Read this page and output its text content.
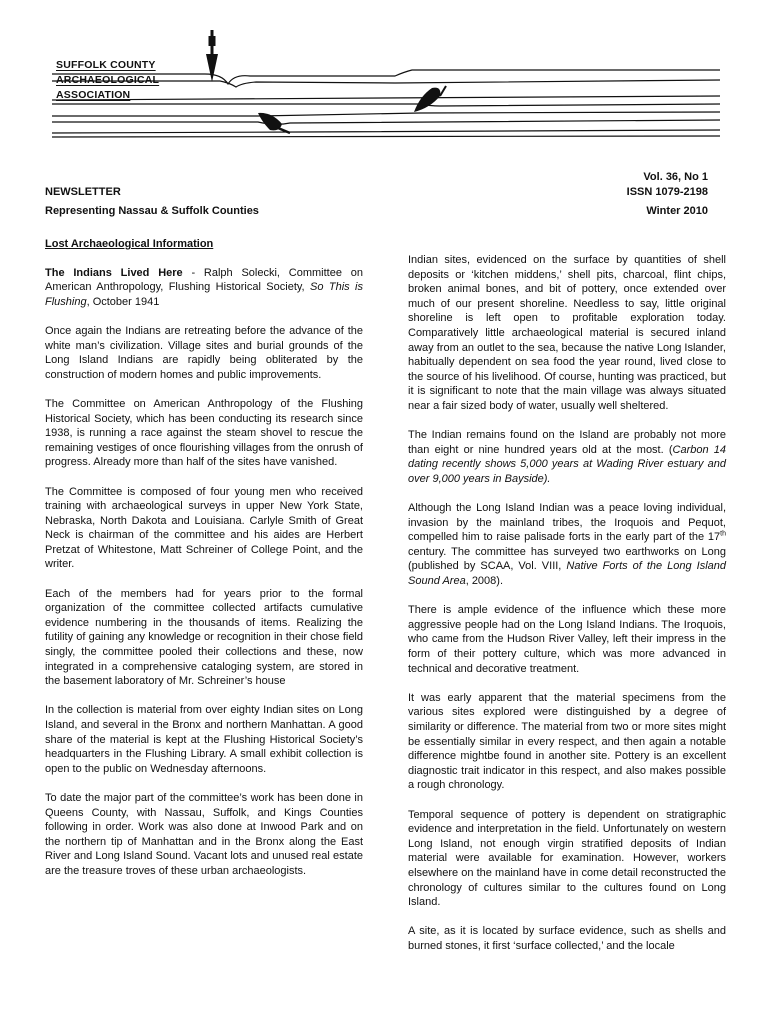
SUFFOLK COUNTY
ARCHAEOLOGICAL
ASSOCIATION
NEWSLETTER
Representing Nassau & Suffolk Counties
Vol. 36, No 1
ISSN 1079-2198
Winter 2010

Lost Archaeological Information

The Indians Lived Here - Ralph Solecki, Committee on American Anthropology, Flushing Historical Society, So This is Flushing, October 1941

Once again the Indians are retreating before the advance of the white man’s civilization. Village sites and burial grounds of the Long Island Indians are rapidly being obliterated by the construction of modern homes and public improvements.

The Committee on American Anthropology of the Flushing Historical Society, which has been conducting its research since 1938, is running a race against the steam shovel to rescue the remaining vestiges of once flourishing villages from the onrush of progress. Already more than half of the sites have vanished.

The Committee is composed of four young men who received training with archaeological surveys in upper New York State, Nebraska, North Dakota and Louisiana. Carlyle Smith of Great Neck is chairman of the committee and his aides are Herbert Pretzat of Whitestone, Matt Schreiner of College Point, and the writer.

Each of the members had for years prior to the formal organization of the committee collected artifacts cumulative evidence numbering in the thousands of items. Realizing the futility of gaining any knowledge or recognition in their chose field singly, the committee pooled their collections and these, now integrated in a comprehensive cataloging system, are stored in the basement laboratory of Mr. Schreiner’s house

In the collection is material from over eighty Indian sites on Long Island, and several in the Bronx and northern Manhattan. A good share of the material is kept at the Flushing Historical Society’s headquarters in the Flushing Library. A small exhibit collection is open to the public on Wednesday afternoons.

To date the major part of the committee’s work has been done in Queens County, with Nassau, Suffolk, and Kings Counties following in order. Work was also done at Inwood Park and on the northern tip of Manhattan and in the Bronx along the East River and Long Island Sound. Vacant lots and unused real estate are the treasure troves of these urban archaeologists.

Indian sites, evidenced on the surface by quantities of shell deposits or ‘kitchen middens,’ shell pits, charcoal, flint chips, broken animal bones, and bit of pottery, once extended over much of our present shoreline. Needless to say, little original shoreline is left open to profitable exploration today. Comparatively little archaeological material is secured inland away from an outlet to the sea, because the native Long Islander, habitually dependent on sea food the year round, lived close to the source of his livelihood. Of course, hunting was practiced, but it is significant to note that the main village was always situated near a fair sized body of water, usually well sheltered.

The Indian remains found on the Island are probably not more than eight or nine hundred years old at the most. (Carbon 14 dating recently shows 5,000 years at Wading River estuary and over 9,000 years in Bayside).

Although the Long Island Indian was a peace loving individual, invasion by the mainland tribes, the Iroquois and Pequot, compelled him to raise palisade forts in the early part of the 17th century. The committee has surveyed two earthworks on Long (published by SCAA, Vol. VIII, Native Forts of the Long Island Sound Area, 2008).

There is ample evidence of the influence which these more aggressive people had on the Long Island Indians. The Iroquois, who came from the Hudson River Valley, left their impress in the form of their pottery culture, which was more advanced in technical and decorative treatment.

It was early apparent that the material specimens from the various sites explored were distinguished by a degree of similarity or difference. The material from two or more sites might be essentially similar in every respect, and then again a notable difference mightbe found in another site. Pottery is an excellent diagnostic trait indicator in this respect, and also makes possible a rough chronology.

Temporal sequence of pottery is dependent on stratigraphic evidence and interpretation in the field. Unfortunately on western Long Island, not enough virgin stratified deposits of Indian material were available for examination. However, workers elsewhere on the mainland have in come detail reconstructed the chronology of cultures similar to the cultures found on Long Island.

A site, as it is located by surface evidence, such as shells and burned stones, it first ‘surface collected,’ and the locale
